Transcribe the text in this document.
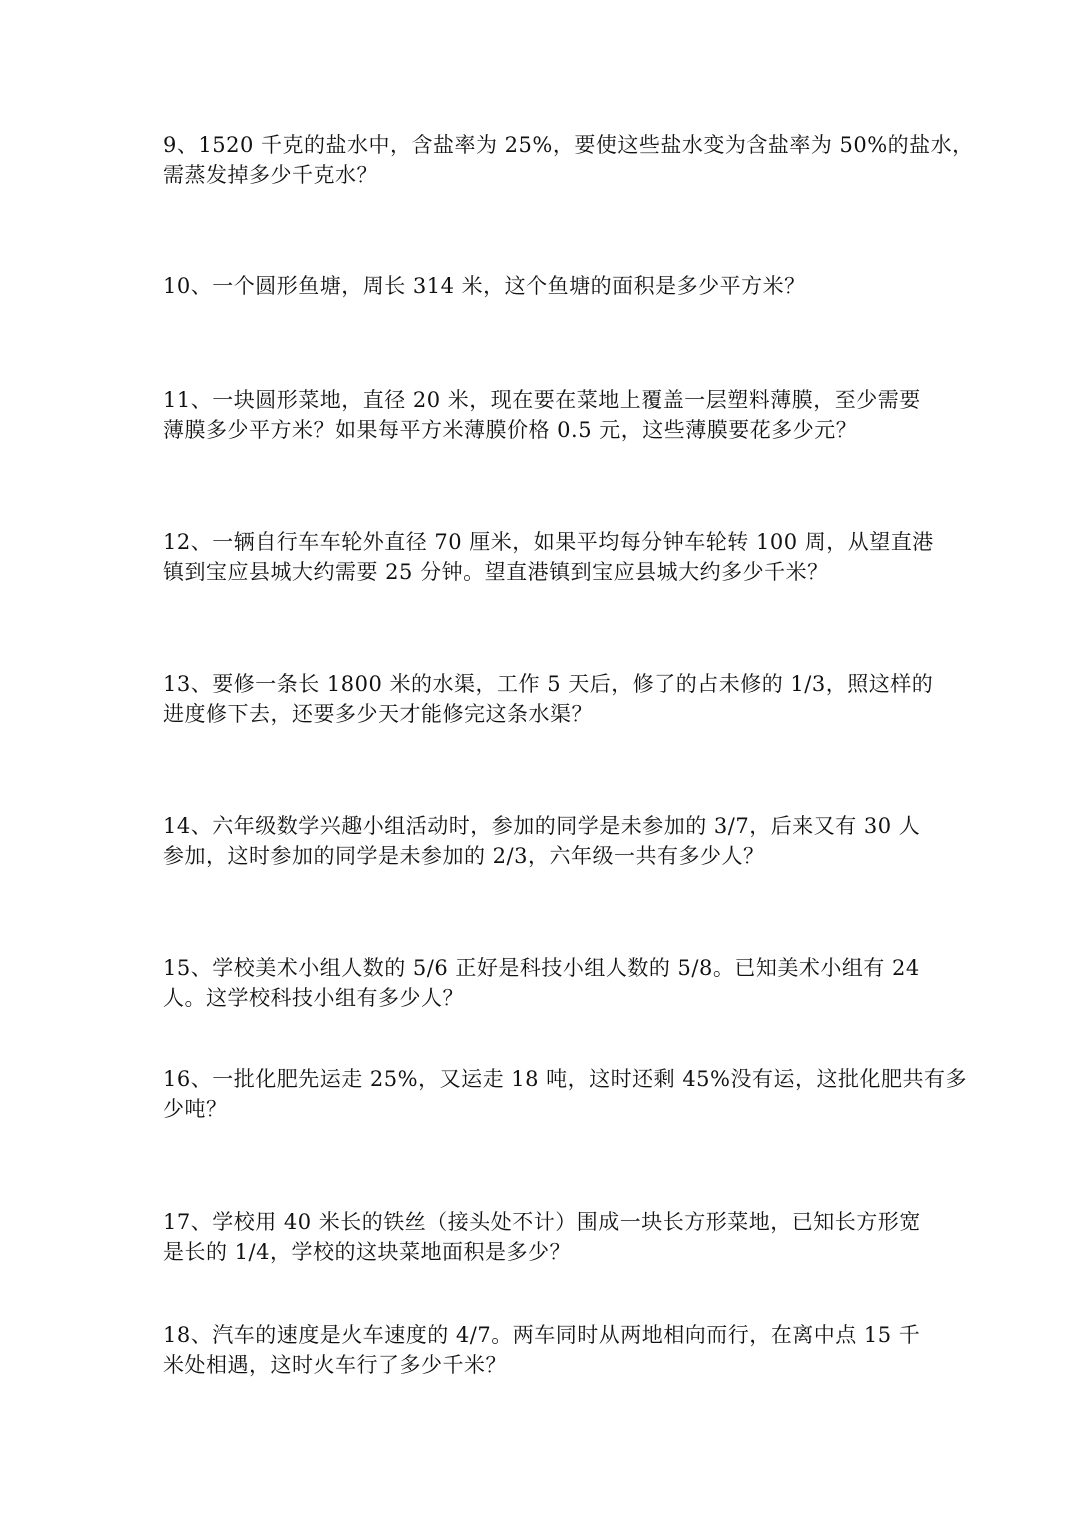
9、1520 千克的盐水中，含盐率为 25%，要使这些盐水变为含盐率为 50%的盐水，
需蒸发掉多少千克水？
10、一个圆形鱼塘，周长 314 米，这个鱼塘的面积是多少平方米？
11、一块圆形菜地，直径 20 米，现在要在菜地上覆盖一层塑料薄膜，至少需要
薄膜多少平方米？如果每平方米薄膜价格 0.5 元，这些薄膜要花多少元？
12、一辆自行车车轮外直径 70 厘米，如果平均每分钟车轮转 100 周，从望直港
镇到宝应县城大约需要 25 分钟。望直港镇到宝应县城大约多少千米？
13、要修一条长 1800 米的水渠，工作 5 天后，修了的占未修的 1/3，照这样的
进度修下去，还要多少天才能修完这条水渠？
14、六年级数学兴趣小组活动时，参加的同学是未参加的 3/7，后来又有 30 人
参加，这时参加的同学是未参加的 2/3，六年级一共有多少人？
15、学校美术小组人数的 5/6 正好是科技小组人数的 5/8。已知美术小组有 24
人。这学校科技小组有多少人？
16、一批化肥先运走 25%，又运走 18 吨，这时还剩 45%没有运，这批化肥共有多
少吨？
17、学校用 40 米长的铁丝（接头处不计）围成一块长方形菜地，已知长方形宽
是长的 1/4，学校的这块菜地面积是多少？
18、汽车的速度是火车速度的 4/7。两车同时从两地相向而行，在离中点 15 千
米处相遇，这时火车行了多少千米？
